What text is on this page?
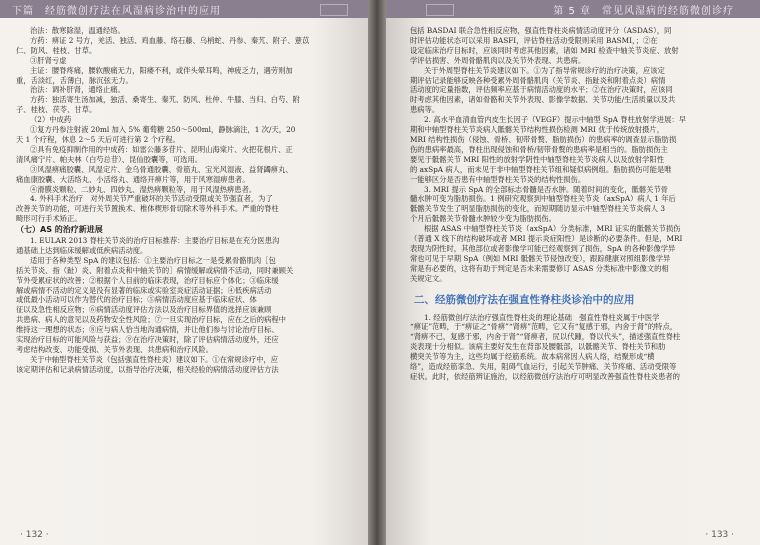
下篇　经筋微创疗法在风湿病诊治中的应用

治法：散寒除湿，温通经络。

方药：痹证 2 号方，羌活、独活、鸡血藤、络石藤、乌梢蛇、丹参、秦艽、附子、薏苡

仁、防风、桂枝、甘草。

③肝肾亏虚

主证：腰脊疼痛，腰软酸痛无力，阳痿不利，或伴头晕耳鸣，神疲乏力，遇劳则加

重，舌淡红，舌薄白，脉沉弦无力。

治法：调补肝肾，通络止痛。

方药：独活寄生汤加减，独活、桑寄生、秦艽、防风、杜仲、牛膝、当归、白芍、附

子、桂枝、茯苓、甘草。

（2）中成药

①复方丹参注射液 20ml 加入 5% 葡萄糖 250～500ml，静脉滴注，1 次/天，20

天 1 个疗程，休息 2～5 天后可进行第 2 个疗程。

②具有免疫抑制作用的中成药：如雷公藤多苷片、昆明山海棠片、火把花根片、正

清风痛宁片、帕夫林（白芍总苷）、昆仙胶囊等，可选用。

③风湿痹痛胶囊、风湿定片、金乌骨通胶囊、骨筋丸、宝光风湿液、益肾蠲痹丸、

痛血康胶囊、大活络丸、小活络丸、通络开痹片等，用于风寒湿痹患者。

④滑膜炎颗粒、二妙丸、四妙丸、湿热痹颗粒等，用于风湿热痹患者。

4. 外科手术治疗　对外周关节严重破坏的关节活动受限或关节强直者，为了

改善关节的功能，可进行关节置换术、椎体楔形骨切除术等外科手术。严重的脊柱

畸形可行手术矫正。

（七）AS 的治疗新进展

1. EULAR 2013 脊柱关节炎的治疗目标推荐：主要治疗目标是在充分医患沟

通基础上达到临床缓解或低疾病活动度。

适用于各种类型 SpA 的建议包括：①主要治疗目标之一是受累骨骼肌肉［包

括关节炎、指（趾）炎、附着点炎和中轴关节的］病情缓解或病情不活动，同时兼顾关

节外受累症状的改善；②根据个人目前的临床表现，治疗目标应个体化；③临床缓

解或病情不活动的定义是没有显著的临床或实验室炎症活动证据；④低疾病活动

或低最小活动可以作为替代的治疗目标；⑤病情活动度应基于临床症状、体

征以及急性相反应物；⑥病情活动度评估方法以及治疗目标界值的选择应该兼顾

共患病、病人的意见以及药物安全性风险；⑦一旦实现治疗目标，应在之后的病程中

维持这一理想的状态；⑧应与病人恰当地沟通病情，并让他们参与讨论治疗目标、

实现治疗目标的可能风险与获益；⑨在治疗决策时，除了评估病情活动度外，还应

考虑结构改变、功能受损、关节外表现、共患病和治疗风险。

关于中轴型脊柱关节炎（包括强直性脊柱炎）建议如下。①在常规诊疗中，应

该定期评估和记录病情活动度，以指导治疗决策，相关经验的病情活动度评估方法

· 132 ·
第 5 章　常见风湿病的经筋微创诊疗

包括 BASDAI 联合急性相反应物，强直性脊柱炎病情活动度评分（ASDAS），同

时评估功能状态可以采用 BASFI，评估脊柱活动受限则采用 BASMI，；②在

设定临床治疗目标时，应该同时考虑其他因素，诸如 MRI 检查中轴关节炎症、放射

学评估损害、外周骨骼肌肉以及关节外表现、共患病。

关于外周型脊柱关节炎建议如下。①为了指导常规诊疗的治疗决策，应该定

期评估记录能够反映各种受累外周骨骼肌肉（关节炎、指趾炎和附着点炎）病情

活动度的定量指数，评估频率应基于病情活动度的水平；②在治疗决策时，应该同

时考虑其他因素，诸如骨骼和关节外表现、影像学数据、关节功能/生活质量以及共

患病等。

2. 高水平血清血管内皮生长因子（VEGF）提示中轴型 SpA 脊柱放射学进展：早

期和中轴型脊柱关节炎病人骶髂关节结构性损伤检测 MRI 优于传统放射摄片，

MRI 结构性损伤（侵蚀、骨桥、韧带骨赘、脂肪损伤）的患病率的调查显示脂肪损

伤的患病率最高，脊柱出现侵蚀和骨桥/韧带骨赘的患病率是相当的。脂肪损伤主

要见于骶髂关节 MRI 阳性的放射学阴性中轴型脊柱关节炎病人以及放射学阳性

的 axSpA 病人，而未见于非中轴型脊柱关节组和疑似病例组。脂肪损伤可能是唯

一能够区分是否患有中轴型脊柱关节炎的结构性损伤。

3. MRI 提示 SpA 的全部标志骨髓是否水肿。随着时间的变化，骶髂关节骨

髓水肿可变为脂肪损伤。1 例研究观察到中轴型脊柱关节炎（axSpA）病人 1 年后

骶髂关节发生了明显脂肪损伤的变化，而短期随访显示中轴型脊柱关节炎病人 3

个月后骶髂关节骨髓水肿较少变为脂肪损伤。

根据 ASAS 中轴型脊柱关节炎（axSpA）分类标准，MRI 证实的骶髂关节损伤

（普通 X 线下的结构破坏或者 MRI 提示炎症阳性）是诊断的必要条件。但是，MRI

表现为阴性时，其他部位或者影像学可能已经观察到了损伤，SpA 的各种影像学异

常也可见于早期 SpA（例如 MRI 骶髂关节侵蚀改变），跟踪健康对照组影像学异

常是有必要的，这将有助于判定是否未来需要修订 ASAS 分类标准中影像文的相

关规定文。

二、经筋微创疗法在强直性脊柱炎诊治中的应用

1. 经筋微创疗法治疗强直性脊柱炎的理论基础　强直性脊柱炎属于中医学

“痹证”范畴，于“痹证之“骨痹”“肾痹”范畴，它又有“复感于邪，内舍于肾”的特点，

“肾痹不已，复感于邪，内舍于肾”“肾痹者，尻以代踵，脊以代头”，描述强直性脊柱

炎表现十分相似。该病主要好发生在背部及腰骶部，以骶髂关节、脊柱关节和肋

横突关节等为主，这些均属于经筋系统。故本病常因人病人络，结聚形成“横

络”，造成经筋挛急、失用，阻碍气血运行，引起关节肿痛、关节疼痛、活动受限等

症状。此时，依经筋辨证施治，以经筋微创疗法治疗可明显改善强直性脊柱炎患者的

· 133 ·
